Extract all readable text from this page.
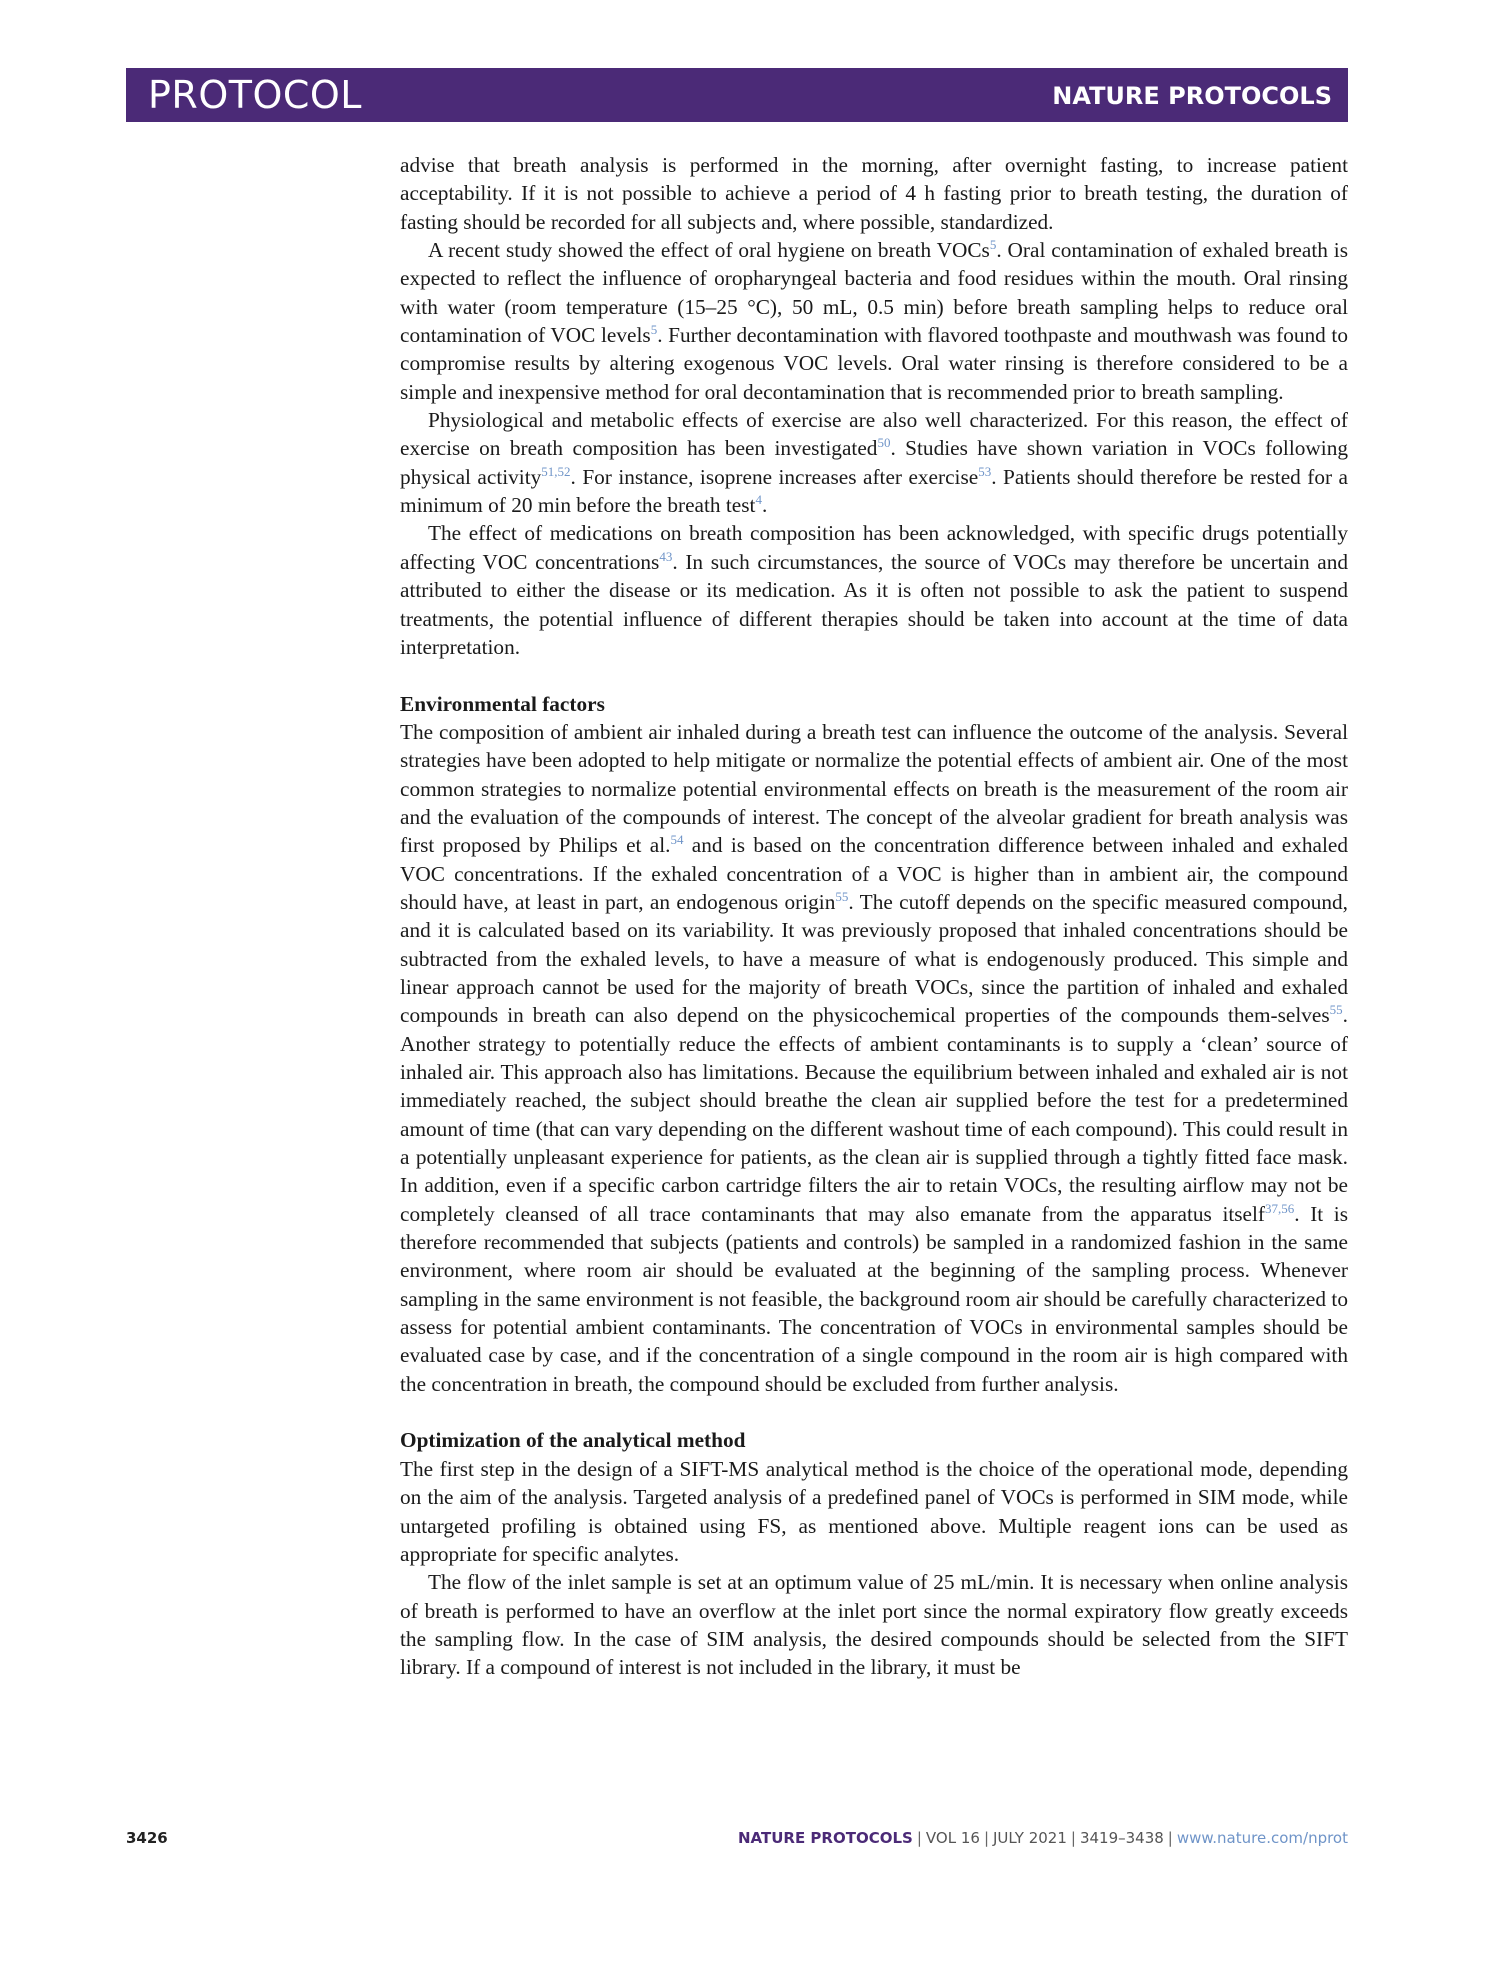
PROTOCOL	NATURE PROTOCOLS

advise that breath analysis is performed in the morning, after overnight fasting, to increase patient acceptability. If it is not possible to achieve a period of 4 h fasting prior to breath testing, the duration of fasting should be recorded for all subjects and, where possible, standardized.

A recent study showed the effect of oral hygiene on breath VOCs$^5$. Oral contamination of exhaled breath is expected to reflect the influence of oropharyngeal bacteria and food residues within the mouth. Oral rinsing with water (room temperature (15–25 °C), 50 mL, 0.5 min) before breath sampling helps to reduce oral contamination of VOC levels$^5$. Further decontamination with flavored toothpaste and mouthwash was found to compromise results by altering exogenous VOC levels. Oral water rinsing is therefore considered to be a simple and inexpensive method for oral decontamination that is recommended prior to breath sampling.

Physiological and metabolic effects of exercise are also well characterized. For this reason, the effect of exercise on breath composition has been investigated$^{50}$. Studies have shown variation in VOCs following physical activity$^{51,52}$. For instance, isoprene increases after exercise$^{53}$. Patients should therefore be rested for a minimum of 20 min before the breath test$^4$.

The effect of medications on breath composition has been acknowledged, with specific drugs potentially affecting VOC concentrations$^{43}$. In such circumstances, the source of VOCs may therefore be uncertain and attributed to either the disease or its medication. As it is often not possible to ask the patient to suspend treatments, the potential influence of different therapies should be taken into account at the time of data interpretation.

Environmental factors

The composition of ambient air inhaled during a breath test can influence the outcome of the analysis. Several strategies have been adopted to help mitigate or normalize the potential effects of ambient air. One of the most common strategies to normalize potential environmental effects on breath is the measurement of the room air and the evaluation of the compounds of interest. The concept of the alveolar gradient for breath analysis was first proposed by Philips et al.$^{54}$ and is based on the concentration difference between inhaled and exhaled VOC concentrations. If the exhaled concentration of a VOC is higher than in ambient air, the compound should have, at least in part, an endogenous origin$^{55}$. The cutoff depends on the specific measured compound, and it is calculated based on its variability. It was previously proposed that inhaled concentrations should be subtracted from the exhaled levels, to have a measure of what is endogenously produced. This simple and linear approach cannot be used for the majority of breath VOCs, since the partition of inhaled and exhaled compounds in breath can also depend on the physicochemical properties of the compounds them-selves$^{55}$. Another strategy to potentially reduce the effects of ambient contaminants is to supply a ‘clean’ source of inhaled air. This approach also has limitations. Because the equilibrium between inhaled and exhaled air is not immediately reached, the subject should breathe the clean air supplied before the test for a predetermined amount of time (that can vary depending on the different washout time of each compound). This could result in a potentially unpleasant experience for patients, as the clean air is supplied through a tightly fitted face mask. In addition, even if a specific carbon cartridge filters the air to retain VOCs, the resulting airflow may not be completely cleansed of all trace contaminants that may also emanate from the apparatus itself$^{37,56}$. It is therefore recommended that subjects (patients and controls) be sampled in a randomized fashion in the same environment, where room air should be evaluated at the beginning of the sampling process. Whenever sampling in the same environment is not feasible, the background room air should be carefully characterized to assess for potential ambient contaminants. The concentration of VOCs in environmental samples should be evaluated case by case, and if the concentration of a single compound in the room air is high compared with the concentration in breath, the compound should be excluded from further analysis.

Optimization of the analytical method

The first step in the design of a SIFT-MS analytical method is the choice of the operational mode, depending on the aim of the analysis. Targeted analysis of a predefined panel of VOCs is performed in SIM mode, while untargeted profiling is obtained using FS, as mentioned above. Multiple reagent ions can be used as appropriate for specific analytes.

The flow of the inlet sample is set at an optimum value of 25 mL/min. It is necessary when online analysis of breath is performed to have an overflow at the inlet port since the normal expiratory flow greatly exceeds the sampling flow. In the case of SIM analysis, the desired compounds should be selected from the SIFT library. If a compound of interest is not included in the library, it must be

3426	NATURE PROTOCOLS | VOL 16 | JULY 2021 | 3419–3438 | www.nature.com/nprot
